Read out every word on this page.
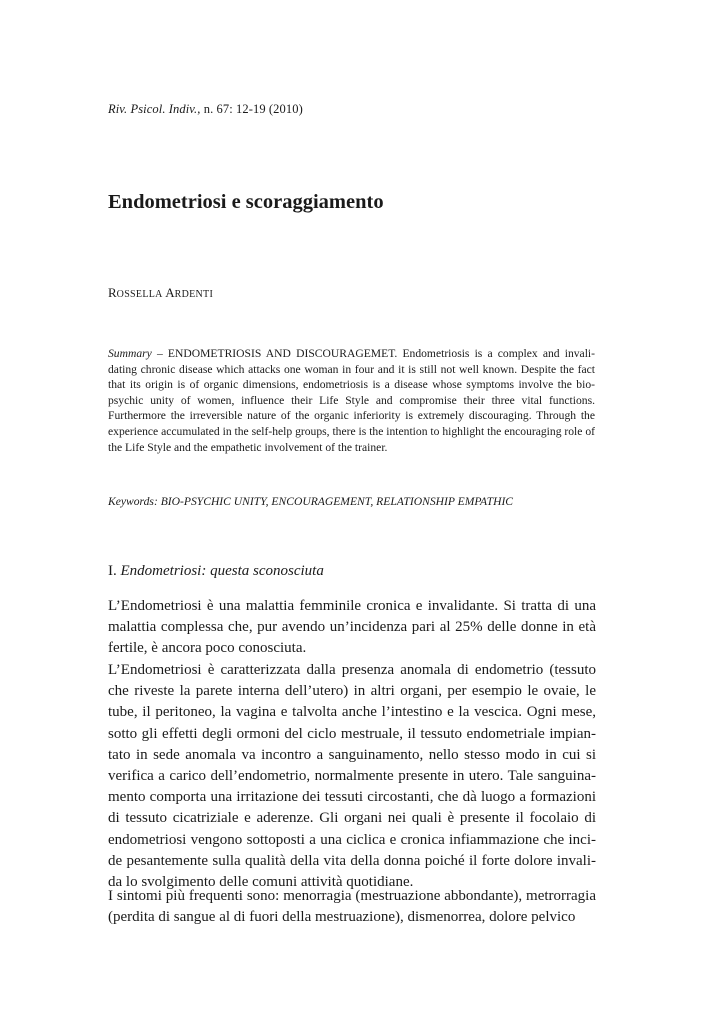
Riv. Psicol. Indiv., n. 67: 12-19 (2010)
Endometriosi e scoraggiamento
ROSSELLA ARDENTI

Summary – ENDOMETRIOSIS AND DISCOURAGEMET. Endometriosis is a complex and invalidating chronic disease which attacks one woman in four and it is still not well known. Despite the fact that its origin is of organic dimensions, endometriosis is a disease whose symptoms involve the biopsychic unity of women, influence their Life Style and compromise their three vital functions. Furthermore the irreversible nature of the organic inferiority is extremely discouraging. Through the experience accumulated in the self-help groups, there is the intention to highlight the encouraging role of the Life Style and the empathetic involvement of the trainer.

Keywords: BIO-PSYCHIC UNITY, ENCOURAGEMENT, RELATIONSHIP EMPATHIC
I. Endometriosi: questa sconosciuta

L’Endometriosi è una malattia femminile cronica e invalidante. Si tratta di una malattia complessa che, pur avendo un’incidenza pari al 25% delle donne in età fertile, è ancora poco conosciuta.

L’Endometriosi è caratterizzata dalla presenza anomala di endometrio (tessuto che riveste la parete interna dell’utero) in altri organi, per esempio le ovaie, le tube, il peritoneo, la vagina e talvolta anche l’intestino e la vescica. Ogni mese, sotto gli effetti degli ormoni del ciclo mestruale, il tessuto endometriale impiantato in sede anomala va incontro a sanguinamento, nello stesso modo in cui si verifica a carico dell’endometrio, normalmente presente in utero. Tale sanguinamento comporta una irritazione dei tessuti circostanti, che dà luogo a formazioni di tessuto cicatriziale e aderenze. Gli organi nei quali è presente il focolaio di endometriosi vengono sottoposti a una ciclica e cronica infiammazione che incide pesantemente sulla qualità della vita della donna poiché il forte dolore invalida lo svolgimento delle comuni attività quotidiane.

I sintomi più frequenti sono: menorragia (mestruazione abbondante), metrorragia (perdita di sangue al di fuori della mestruazione), dismenorrea, dolore pelvico
